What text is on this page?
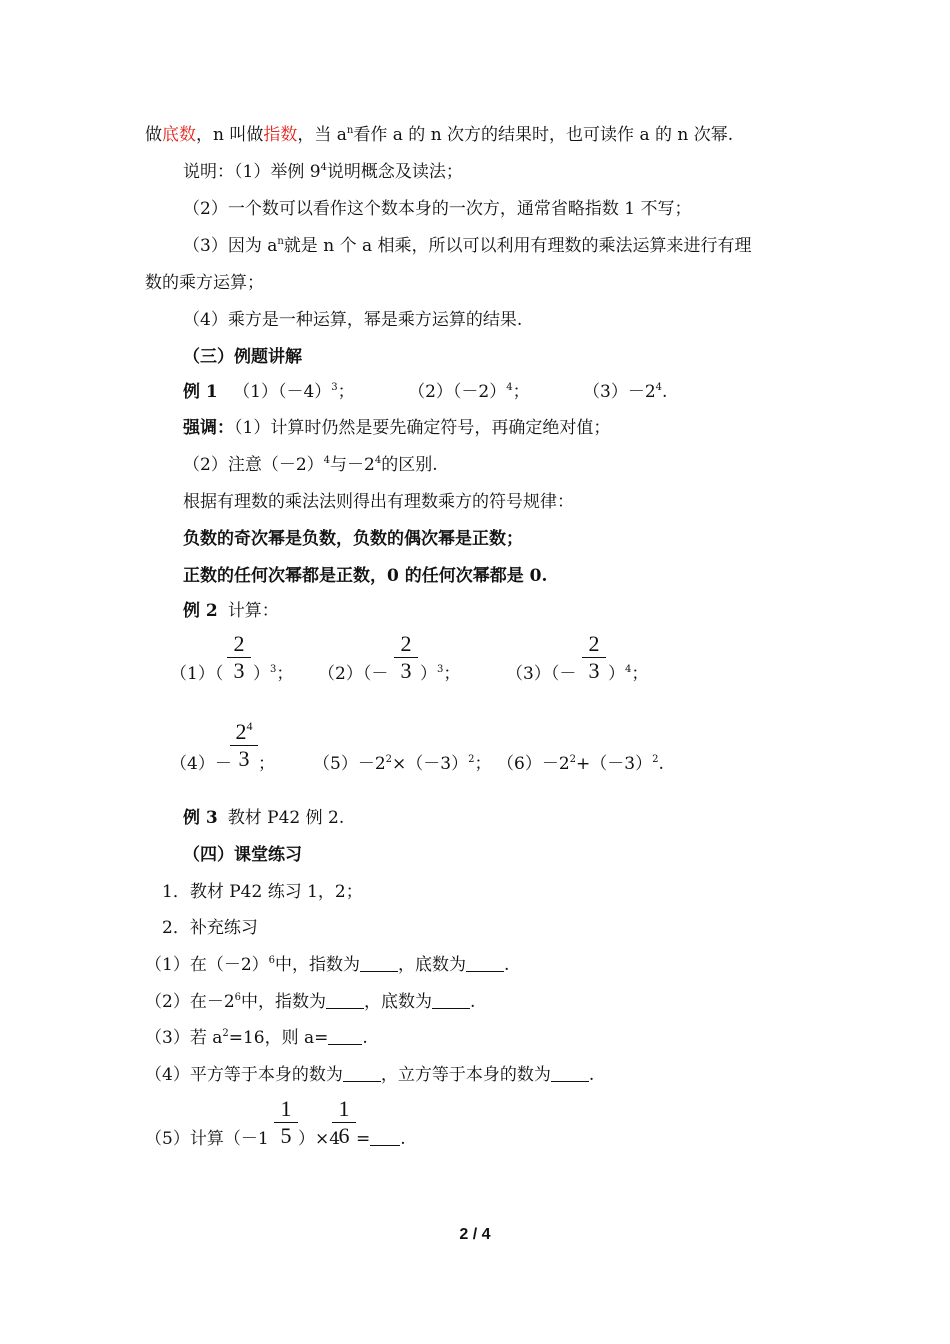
做底数，n 叫做指数，当 $a^n$看作 a 的 n 次方的结果时，也可读作 a 的 n 次幂.
说明：（1）举例 $9^4$说明概念及读法；
（2）一个数可以看作这个数本身的一次方，通常省略指数 1 不写；
（3）因为 $a^n$就是 n 个 a 相乘，所以可以利用有理数的乘法运算来进行有理
数的乘方运算；
（4）乘方是一种运算，幂是乘方运算的结果.
（三）例题讲解
例 1 $(1)(-4)^3$；	$(2)(-2)^4$；	$(3)-2^4$.
强调：（1）计算时仍然是要先确定符号，再确定绝对值；
（2）注意$(-2)^4$与$-2^4$的区别.
根据有理数的乘法法则得出有理数乘方的符号规律：
负数的奇次幂是负数，负数的偶次幂是正数；
正数的任何次幂都是正数，0 的任何次幂都是 0.
例 2 计算：
2
3
（1）（ ）$^3$；
2
3
$(2)(- )^3$；
2
3
$(3)(- )^4$；
$2^4$
3
（4）－ ； $(5)-2^2\times(-3)^2$； $(6)-2^2+(-3)^2$.
例 3 教材 P42 例 2.
（四）课堂练习
1．教材 P42 练习 1，2；
2．补充练习
（1）在$(-2)^6$中，指数为 ，底数为 .
（2）在$-2^6$中，指数为 ，底数为 .
（3）若 $a^2=16$，则 a= .
（4）平方等于本身的数为 ，立方等于本身的数为 .
1
5
1
6
（5）计算（－1 ）×4 = .
2 / 4
